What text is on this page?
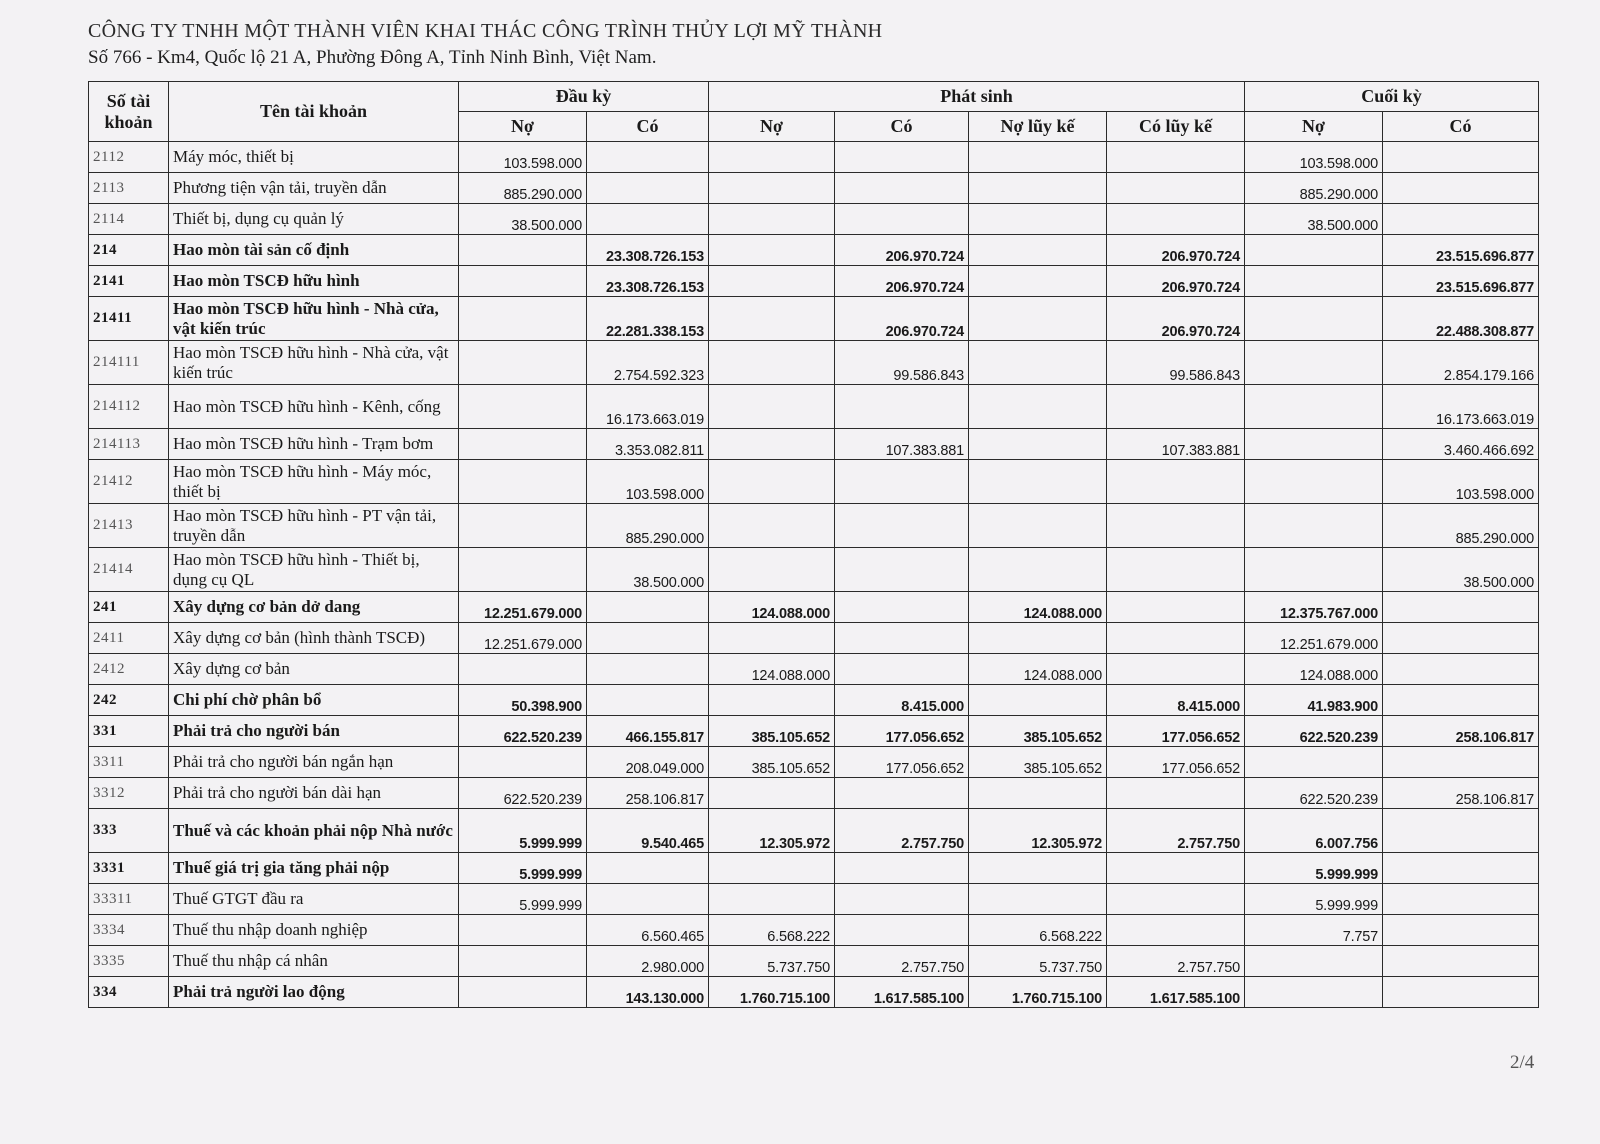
CÔNG TY TNHH MỘT THÀNH VIÊN KHAI THÁC CÔNG TRÌNH THỦY LỢI MỸ THÀNH
Số 766 - Km4, Quốc lộ 21 A, Phường Đông A, Tỉnh Ninh Bình, Việt Nam.
Số tài khoản	Tên tài khoản	Đầu kỳ		Phát sinh				Cuối kỳ	
		Nợ	Có	Nợ	Có	Nợ lũy kế	Có lũy kế	Nợ	Có
2112	Máy móc, thiết bị	103.598.000						103.598.000	
2113	Phương tiện vận tải, truyền dẫn	885.290.000						885.290.000	
2114	Thiết bị, dụng cụ quản lý	38.500.000						38.500.000	
214	Hao mòn tài sản cố định		23.308.726.153		206.970.724		206.970.724		23.515.696.877
2141	Hao mòn TSCĐ hữu hình		23.308.726.153		206.970.724		206.970.724		23.515.696.877
21411	Hao mòn TSCĐ hữu hình - Nhà cửa, vật kiến trúc		22.281.338.153		206.970.724		206.970.724		22.488.308.877
214111	Hao mòn TSCĐ hữu hình - Nhà cửa, vật kiến trúc		2.754.592.323		99.586.843		99.586.843		2.854.179.166
214112	Hao mòn TSCĐ hữu hình - Kênh, cống		16.173.663.019						16.173.663.019
214113	Hao mòn TSCĐ hữu hình - Trạm bơm		3.353.082.811		107.383.881		107.383.881		3.460.466.692
21412	Hao mòn TSCĐ hữu hình - Máy móc, thiết bị		103.598.000						103.598.000
21413	Hao mòn TSCĐ hữu hình - PT vận tải, truyền dẫn		885.290.000						885.290.000
21414	Hao mòn TSCĐ hữu hình - Thiết bị, dụng cụ QL		38.500.000						38.500.000
241	Xây dựng cơ bản dở dang	12.251.679.000		124.088.000		124.088.000		12.375.767.000	
2411	Xây dựng cơ bản (hình thành TSCĐ)	12.251.679.000						12.251.679.000	
2412	Xây dựng cơ bản			124.088.000		124.088.000		124.088.000	
242	Chi phí chờ phân bổ	50.398.900			8.415.000		8.415.000	41.983.900	
331	Phải trả cho người bán	622.520.239	466.155.817	385.105.652	177.056.652	385.105.652	177.056.652	622.520.239	258.106.817
3311	Phải trả cho người bán ngắn hạn		208.049.000	385.105.652	177.056.652	385.105.652	177.056.652		
3312	Phải trả cho người bán dài hạn	622.520.239	258.106.817					622.520.239	258.106.817
333	Thuế và các khoản phải nộp Nhà nước	5.999.999	9.540.465	12.305.972	2.757.750	12.305.972	2.757.750	6.007.756	
3331	Thuế giá trị gia tăng phải nộp	5.999.999						5.999.999	
33311	Thuế GTGT đầu ra	5.999.999						5.999.999	
3334	Thuế thu nhập doanh nghiệp		6.560.465	6.568.222		6.568.222		7.757	
3335	Thuế thu nhập cá nhân		2.980.000	5.737.750	2.757.750	5.737.750	2.757.750		
334	Phải trả người lao động		143.130.000	1.760.715.100	1.617.585.100	1.760.715.100	1.617.585.100		
2/4
